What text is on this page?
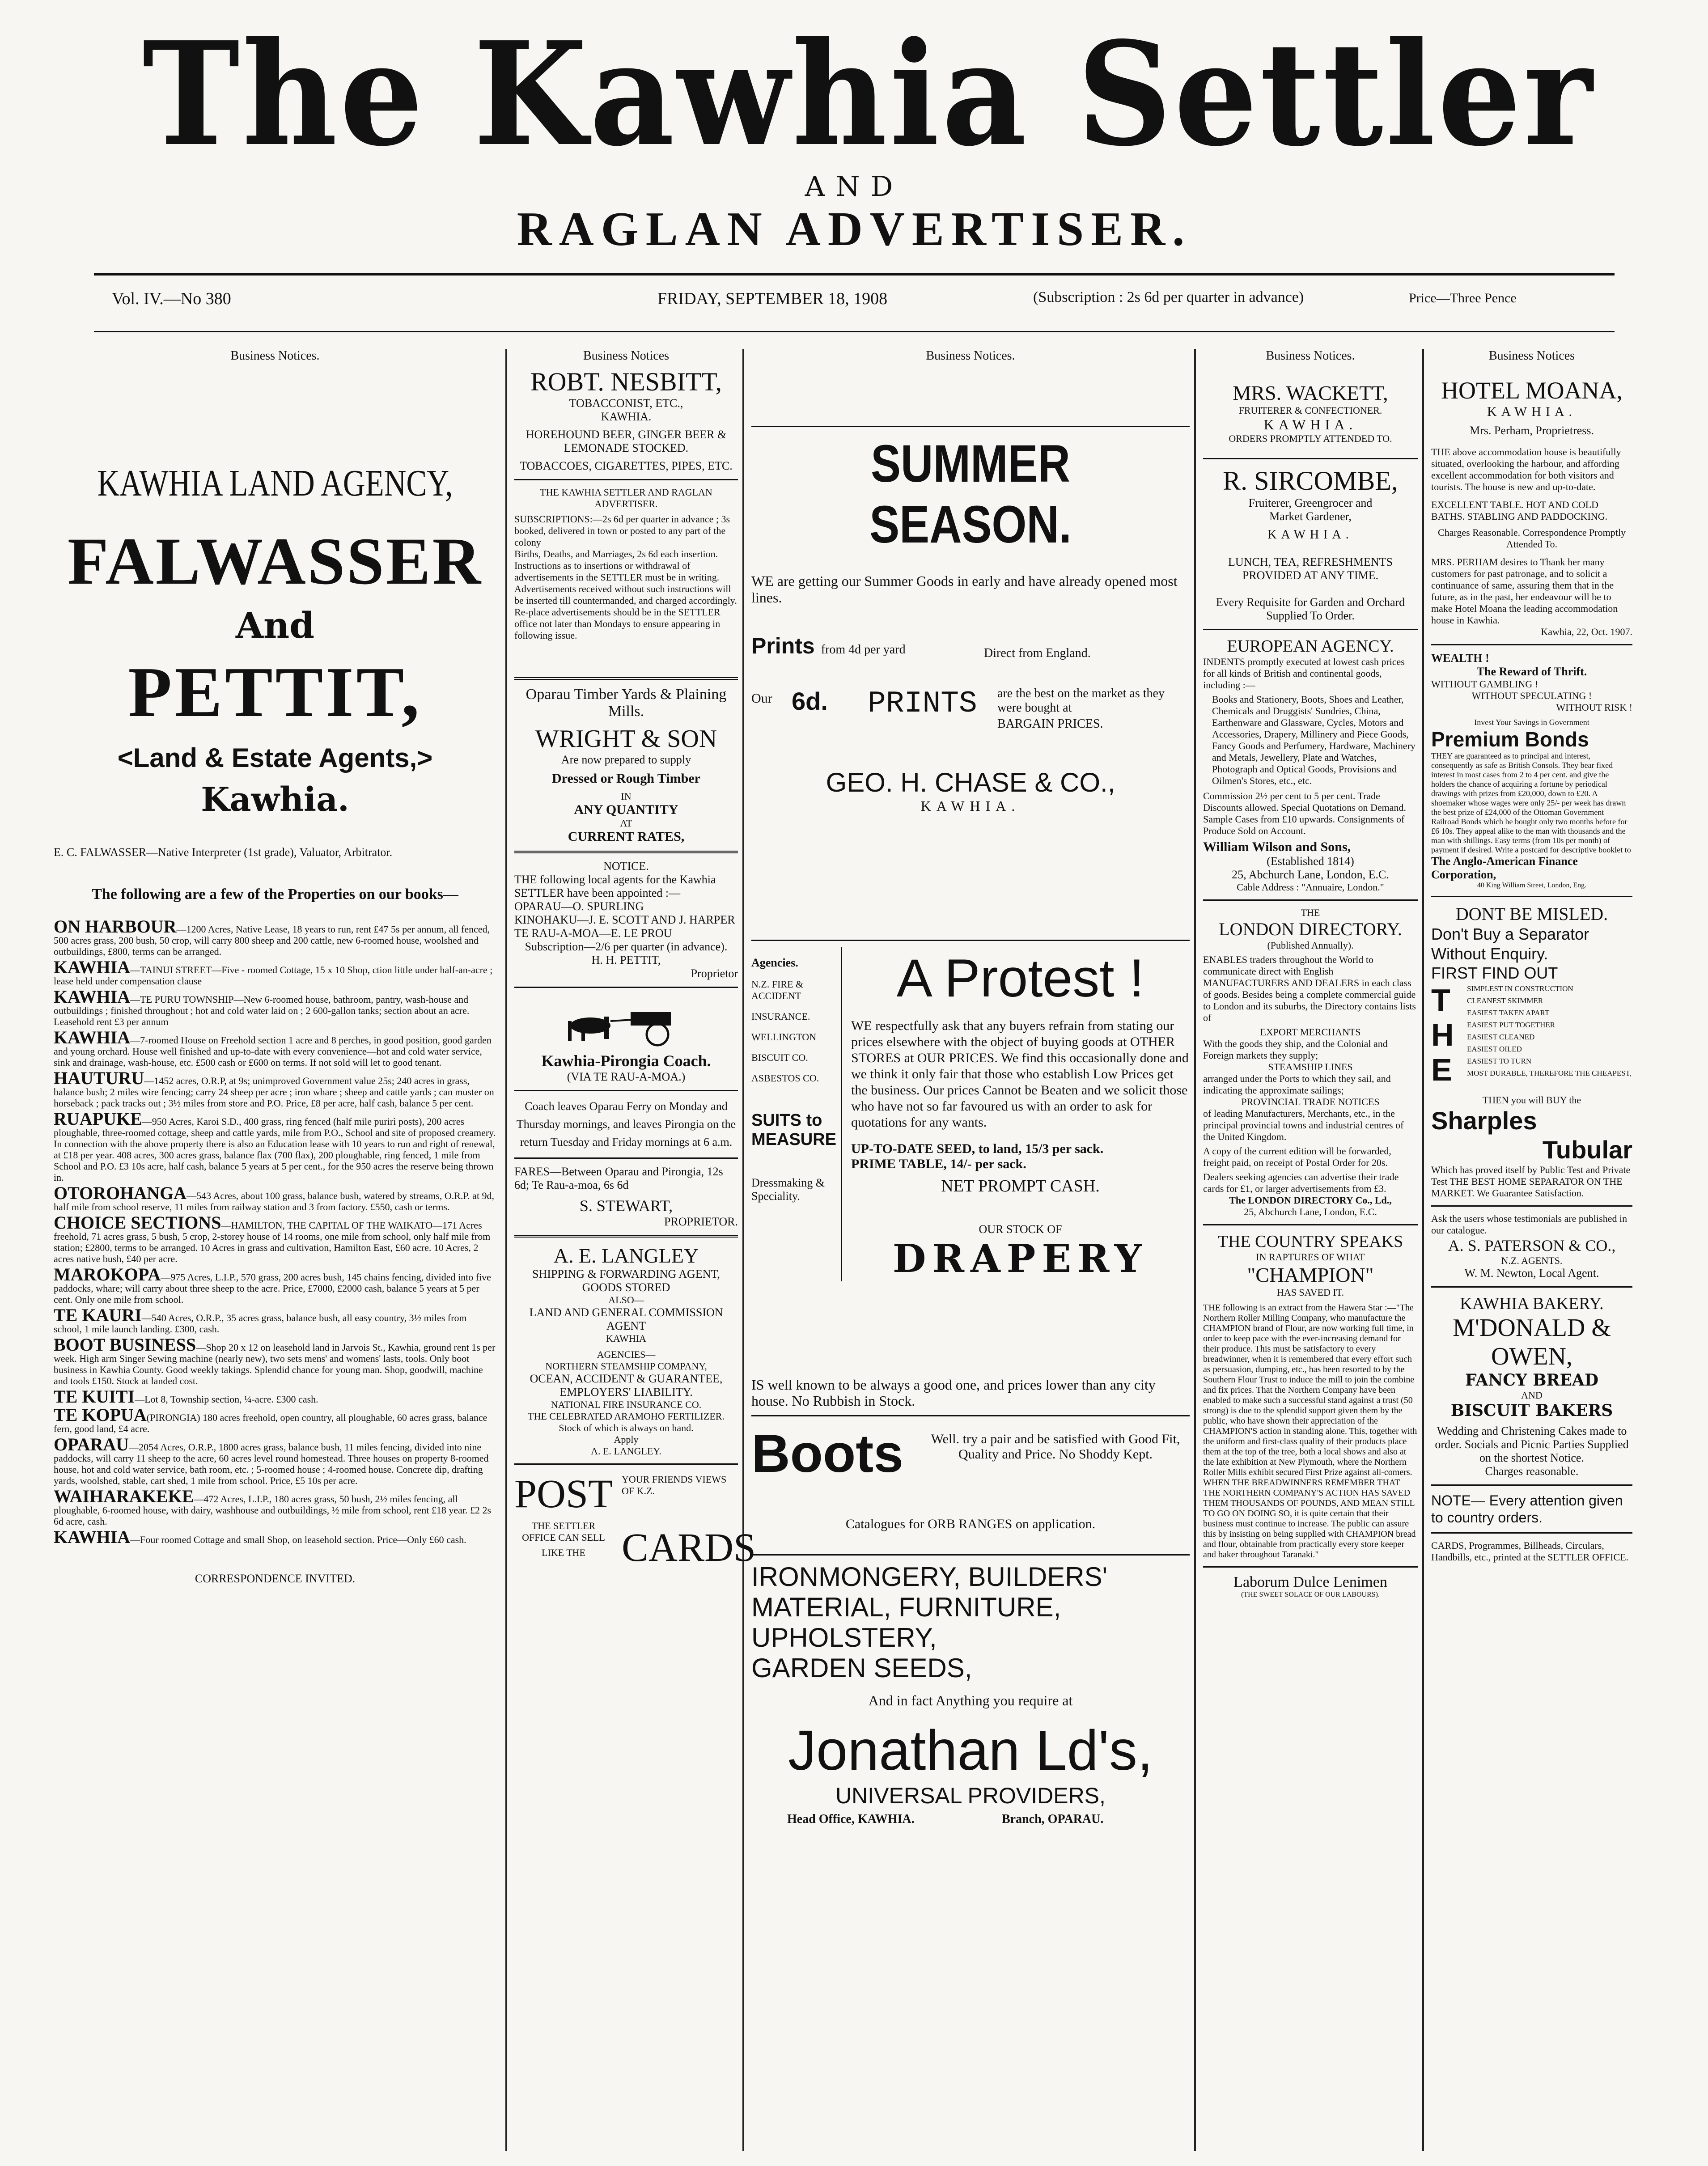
The Kawhia Settler
AND
RAGLAN ADVERTISER.
Vol. IV.—No 380	FRIDAY, SEPTEMBER 18, 1908	(Subscription : 2s 6d per quarter in advance)	Price—Three Pence
Business Notices.
KAWHIA LAND AGENCY,
FALWASSER
And
PETTIT,
<Land & Estate Agents,>
Kawhia.
E. C. FALWASSER—Native Interpreter (1st grade), Valuator, Arbitrator.
The following are a few of the Properties on our books—
ON HARBOUR—1200 Acres, Native Lease, 18 years to run, rent £47 5s per annum, all fenced, 500 acres grass, 200 bush, 50 crop, will carry 800 sheep and 200 cattle, new 6-roomed house, woolshed and outbuildings, £800, terms can be arranged.
KAWHIA—TAINUI STREET—Five - roomed Cottage, 15 x 10 Shop, ction little under half-an-acre ; lease held under compensation clause
KAWHIA—TE PURU TOWNSHIP—New 6-roomed house, bathroom, pantry, wash-house and outbuildings ; finished throughout ; hot and cold water laid on ; 2 600-gallon tanks; section about an acre. Leasehold rent £3 per annum
KAWHIA—7-roomed House on Freehold section 1 acre and 8 perches, in good position, good garden and young orchard. House well finished and up-to-date with every convenience—hot and cold water service, sink and drainage, wash-house, etc. £500 cash or £600 on terms. If not sold will let to good tenant.
HAUTURU—1452 acres, O.R.P, at 9s; unimproved Government value 25s; 240 acres in grass, balance bush; 2 miles wire fencing; carry 24 sheep per acre ; iron whare ; sheep and cattle yards ; can muster on horseback ; pack tracks out ; 3½ miles from store and P.O. Price, £8 per acre, half cash, balance 5 per cent.
RUAPUKE—950 Acres, Karoi S.D., 400 grass, ring fenced (half mile purirì posts), 200 acres ploughable, three-roomed cottage, sheep and cattle yards, mile from P.O., School and site of proposed creamery. In connection with the above property there is also an Education lease with 10 years to run and right of renewal, at £18 per year. 408 acres, 300 acres grass, balance flax (700 flax), 200 ploughable, ring fenced, 1 mile from School and P.O. £3 10s acre, half cash, balance 5 years at 5 per cent., for the 950 acres the reserve being thrown in.
OTOROHANGA—543 Acres, about 100 grass, balance bush, watered by streams, O.R.P. at 9d, half mile from school reserve, 11 miles from railway station and 3 from factory. £550, cash or terms.
CHOICE SECTIONS—HAMILTON, THE CAPITAL OF THE WAIKATO—171 Acres freehold, 71 acres grass, 5 bush, 5 crop, 2-storey house of 14 rooms, one mile from school, only half mile from station; £2800, terms to be arranged. 10 Acres in grass and cultivation, Hamilton East, £60 acre. 10 Acres, 2 acres native bush, £40 per acre.
MAROKOPA—975 Acres, L.I.P., 570 grass, 200 acres bush, 145 chains fencing, divided into five paddocks, whare; will carry about three sheep to the acre. Price, £7000, £2000 cash, balance 5 years at 5 per cent. Only one mile from school.
TE KAURI—540 Acres, O.R.P., 35 acres grass, balance bush, all easy country, 3½ miles from school, 1 mile launch landing. £300, cash.
BOOT BUSINESS—Shop 20 x 12 on leasehold land in Jarvois St., Kawhia, ground rent 1s per week. High arm Singer Sewing machine (nearly new), two sets mens' and womens' lasts, tools. Only boot business in Kawhia County. Good weekly takings. Splendid chance for young man. Shop, goodwill, machine and tools £150. Stock at landed cost.
TE KUITI—Lot 8, Township section, ¼-acre. £300 cash.
TE KOPUA(PIRONGIA) 180 acres freehold, open country, all ploughable, 60 acres grass, balance fern, good land, £4 acre.
OPARAU—2054 Acres, O.R.P., 1800 acres grass, balance bush, 11 miles fencing, divided into nine paddocks, will carry 11 sheep to the acre, 60 acres level round homestead. Three houses on property 8-roomed house, hot and cold water service, bath room, etc. ; 5-roomed house ; 4-roomed house. Concrete dip, drafting yards, woolshed, stable, cart shed, 1 mile from school. Price, £5 10s per acre.
WAIHARAKEKE—472 Acres, L.I.P., 180 acres grass, 50 bush, 2½ miles fencing, all ploughable, 6-roomed house, with dairy, washhouse and outbuildings, ½ mile from school, rent £18 year. £2 2s 6d acre, cash.
KAWHIA—Four roomed Cottage and small Shop, on leasehold section. Price—Only £60 cash.
CORRESPONDENCE INVITED.
Business Notices
ROBT. NESBITT,
TOBACCONIST, ETC.,
KAWHIA.
HOREHOUND BEER, GINGER BEER & LEMONADE STOCKED.
TOBACCOES, CIGARETTES, PIPES, ETC.
THE KAWHIA SETTLER AND RAGLAN ADVERTISER.
SUBSCRIPTIONS:—2s 6d per quarter in advance ; 3s booked, delivered in town or posted to any part of the colony
Births, Deaths, and Marriages, 2s 6d each insertion.
Instructions as to insertions or withdrawal of advertisements in the SETTLER must be in writing. Advertisements received without such instructions will be inserted till countermanded, and charged accordingly.
Re-place advertisements should be in the SETTLER office not later than Mondays to ensure appearing in following issue.
Oparau Timber Yards & Plaining Mills.
WRIGHT & SON
Are now prepared to supply
Dressed or Rough Timber
IN
ANY QUANTITY
AT
CURRENT RATES,
NOTICE.
THE following local agents for the Kawhia SETTLER have been appointed :—
OPARAU—O. SPURLING
KINOHAKU—J. E. SCOTT AND J. HARPER
TE RAU-A-MOA—E. LE PROU
Subscription—2/6 per quarter (in advance).
H. H. PETTIT,
Proprietor
Kawhia-Pirongia Coach.
(VIA TE RAU-A-MOA.)
Coach leaves Oparau Ferry on Monday and Thursday mornings, and leaves Pirongia on the return Tuesday and Friday mornings at 6 a.m.
FARES—Between Oparau and Pirongia, 12s 6d; Te Rau-a-moa, 6s 6d
S. STEWART,
PROPRIETOR.
A. E. LANGLEY
SHIPPING & FORWARDING AGENT, GOODS STORED
ALSO—
LAND AND GENERAL COMMISSION AGENT
KAWHIA
AGENCIES—
NORTHERN STEAMSHIP COMPANY,
OCEAN, ACCIDENT & GUARANTEE, EMPLOYERS' LIABILITY.
NATIONAL FIRE INSURANCE CO.
THE CELEBRATED ARAMOHO FERTILIZER.
Stock of which is always on hand.
Apply
A. E. LANGLEY.
POST YOUR FRIENDS VIEWS OF K.Z.
THE SETTLER OFFICE CAN SELL
LIKE THE CARDS
Business Notices.
SUMMER SEASON.
WE are getting our Summer Goods in early and have already opened most lines.
Prints from 4d per yard	Direct from England.
Our 6d. PRINTS are the best on the market as they were bought at
BARGAIN PRICES.
GEO. H. CHASE & CO.,
KAWHIA.
Agencies.
N.Z. FIRE & ACCIDENT
INSURANCE.
WELLINGTON
BISCUIT CO.
ASBESTOS CO.
SUITS to MEASURE
Dressmaking & Speciality.
A Protest !
WE respectfully ask that any buyers refrain from stating our prices elsewhere with the object of buying goods at OTHER STORES at OUR PRICES. We find this occasionally done and we think it only fair that those who establish Low Prices get the business. Our prices Cannot be Beaten and we solicit those who have not so far favoured us with an order to ask for quotations for any wants.
UP-TO-DATE SEED, to land, 15/3 per sack.
PRIME TABLE, 14/- per sack.
NET PROMPT CASH.
OUR STOCK OF
DRAPERY
IS well known to be always a good one, and prices lower than any city house. No Rubbish in Stock.
Boots	Well. try a pair and be satisfied with Good Fit, Quality and Price. No Shoddy Kept.
Catalogues for ORB RANGES on application.
IRONMONGERY, BUILDERS'
MATERIAL, FURNITURE,
UPHOLSTERY,
GARDEN SEEDS,
And in fact Anything you require at
Jonathan Ld's,
UNIVERSAL PROVIDERS,
Head Office, KAWHIA.	Branch, OPARAU.
Business Notices.
MRS. WACKETT,
FRUITERER & CONFECTIONER.
KAWHIA.
ORDERS PROMPTLY ATTENDED TO.
R. SIRCOMBE,
Fruiterer, Greengrocer and
Market Gardener,
KAWHIA.
LUNCH, TEA, REFRESHMENTS PROVIDED AT ANY TIME.
Every Requisite for Garden and Orchard Supplied To Order.
EUROPEAN AGENCY.
INDENTS promptly executed at lowest cash prices for all kinds of British and continental goods, including :—
Books and Stationery, Boots, Shoes and Leather, Chemicals and Druggists' Sundries, China, Earthenware and Glassware, Cycles, Motors and Accessories, Drapery, Millinery and Piece Goods, Fancy Goods and Perfumery, Hardware, Machinery and Metals, Jewellery, Plate and Watches, Photograph and Optical Goods, Provisions and Oilmen's Stores, etc., etc.
Commission 2½ per cent to 5 per cent. Trade Discounts allowed. Special Quotations on Demand. Sample Cases from £10 upwards. Consignments of Produce Sold on Account.
William Wilson and Sons,
(Established 1814)
25, Abchurch Lane, London, E.C.
Cable Address : "Annuaire, London."
THE
LONDON DIRECTORY.
(Published Annually).
ENABLES traders throughout the World to communicate direct with English MANUFACTURERS AND DEALERS in each class of goods. Besides being a complete commercial guide to London and its suburbs, the Directory contains lists of
EXPORT MERCHANTS
With the goods they ship, and the Colonial and Foreign markets they supply;
STEAMSHIP LINES
arranged under the Ports to which they sail, and indicating the approximate sailings;
PROVINCIAL TRADE NOTICES
of leading Manufacturers, Merchants, etc., in the principal provincial towns and industrial centres of the United Kingdom.
A copy of the current edition will be forwarded, freight paid, on receipt of Postal Order for 20s.
Dealers seeking agencies can advertise their trade cards for £1, or larger advertisements from £3.
The LONDON DIRECTORY Co., Ld.,
25, Abchurch Lane, London, E.C.
THE COUNTRY SPEAKS
IN RAPTURES OF WHAT
"CHAMPION"
HAS SAVED IT.
THE following is an extract from the Hawera Star :—"The Northern Roller Milling Company, who manufacture the CHAMPION brand of Flour, are now working full time, in order to keep pace with the ever-increasing demand for their produce. This must be satisfactory to every breadwinner, when it is remembered that every effort such as persuasion, dumping, etc., has been resorted to by the Southern Flour Trust to induce the mill to join the combine and fix prices. That the Northern Company have been enabled to make such a successful stand against a trust (50 strong) is due to the splendid support given them by the public, who have shown their appreciation of the CHAMPION'S action in standing alone. This, together with the uniform and first-class quality of their products place them at the top of the tree, both a local shows and also at the late exhibition at New Plymouth, where the Northern Roller Mills exhibit secured First Prize against all-comers. WHEN THE BREADWINNERS REMEMBER THAT THE NORTHERN COMPANY'S ACTION HAS SAVED THEM THOUSANDS OF POUNDS, AND MEAN STILL TO GO ON DOING SO, it is quite certain that their business must continue to increase. The public can assure this by insisting on being supplied with CHAMPION bread and flour, obtainable from practically every store keeper and baker throughout Taranaki."
Laborum Dulce Lenimen
(THE SWEET SOLACE OF OUR LABOURS).
Business Notices
HOTEL MOANA,
KAWHIA.
Mrs. Perham, Proprietress.
THE above accommodation house is beautifully situated, overlooking the harbour, and affording excellent accommodation for both visitors and tourists. The house is new and up-to-date.
EXCELLENT TABLE. HOT AND COLD BATHS. STABLING AND PADDOCKING.
Charges Reasonable. Correspondence Promptly Attended To.
MRS. PERHAM desires to Thank her many customers for past patronage, and to solicit a continuance of same, assuring them that in the future, as in the past, her endeavour will be to make Hotel Moana the leading accommodation house in Kawhia.
Kawhia, 22, Oct. 1907.
WEALTH !
The Reward of Thrift.
WITHOUT GAMBLING !
WITHOUT SPECULATING !
WITHOUT RISK !
Invest Your Savings in Government
Premium Bonds
THEY are guaranteed as to principal and interest, consequently as safe as British Consols. They bear fixed interest in most cases from 2 to 4 per cent. and give the holders the chance of acquiring a fortune by periodical drawings with prizes from £20,000, down to £20. A shoemaker whose wages were only 25/- per week has drawn the best prize of £24,000 of the Ottoman Government Railroad Bonds which he bought only two months before for £6 10s. They appeal alike to the man with thousands and the man with shillings. Easy terms (from 10s per month) of payment if desired. Write a postcard for descriptive booklet to
The Anglo-American Finance Corporation,
40 King William Street, London, Eng.
DONT BE MISLED.
Don't Buy a Separator Without Enquiry.
FIRST FIND OUT
T
H
E
SIMPLEST IN CONSTRUCTION
CLEANEST SKIMMER
EASIEST TAKEN APART
EASIEST PUT TOGETHER
EASIEST CLEANED
EASIEST OILED
EASIEST TO TURN
MOST DURABLE, THEREFORE THE CHEAPEST,
THEN you will BUY the
Sharples
Tubular
Which has proved itself by Public Test and Private Test THE BEST HOME SEPARATOR ON THE MARKET. We Guarantee Satisfaction.
Ask the users whose testimonials are published in our catalogue.
A. S. PATERSON & CO.,
N.Z. AGENTS.
W. M. Newton, Local Agent.
KAWHIA BAKERY.
M'DONALD &
OWEN,
FANCY BREAD
AND
BISCUIT BAKERS
Wedding and Christening Cakes made to order. Socials and Picnic Parties Supplied on the shortest Notice.
Charges reasonable.
NOTE— Every attention given to country orders.
CARDS, Programmes, Billheads, Circulars, Handbills, etc., printed at the SETTLER OFFICE.
